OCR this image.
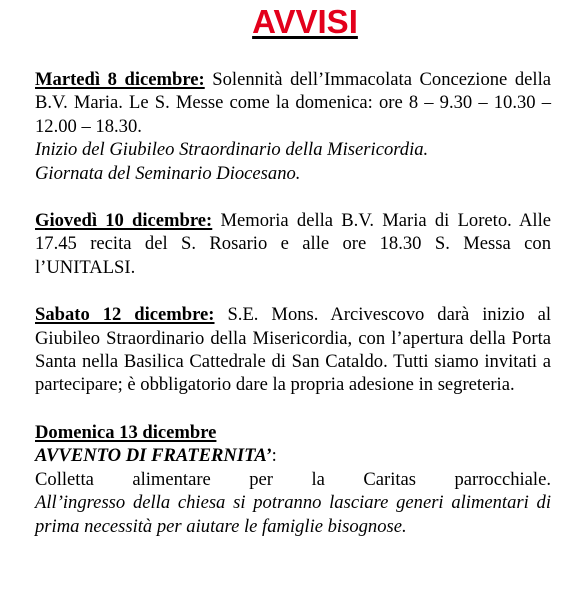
AVVISI

Martedì 8 dicembre: Solennità dell’Immacolata Concezione della B.V. Maria. Le S. Messe come la domenica: ore 8 – 9.30 – 10.30 – 12.00 – 18.30.

Inizio del Giubileo Straordinario della Misericordia.

Giornata del Seminario Diocesano.

Giovedì 10 dicembre: Memoria della B.V. Maria di Loreto. Alle 17.45 recita del S. Rosario e alle ore 18.30 S. Messa con l’UNITALSI.

Sabato 12 dicembre: S.E. Mons. Arcivescovo darà inizio al Giubileo Straordinario della Misericordia, con l’apertura della Porta Santa nella Basilica Cattedrale di San Cataldo. Tutti siamo invitati a partecipare; è obbligatorio dare la propria adesione in segreteria.

Domenica 13 dicembre

AVVENTO DI FRATERNITA’:

Colletta alimentare per la Caritas parrocchiale.

All’ingresso della chiesa si potranno lasciare generi alimentari di prima necessità per aiutare le famiglie bisognose.
